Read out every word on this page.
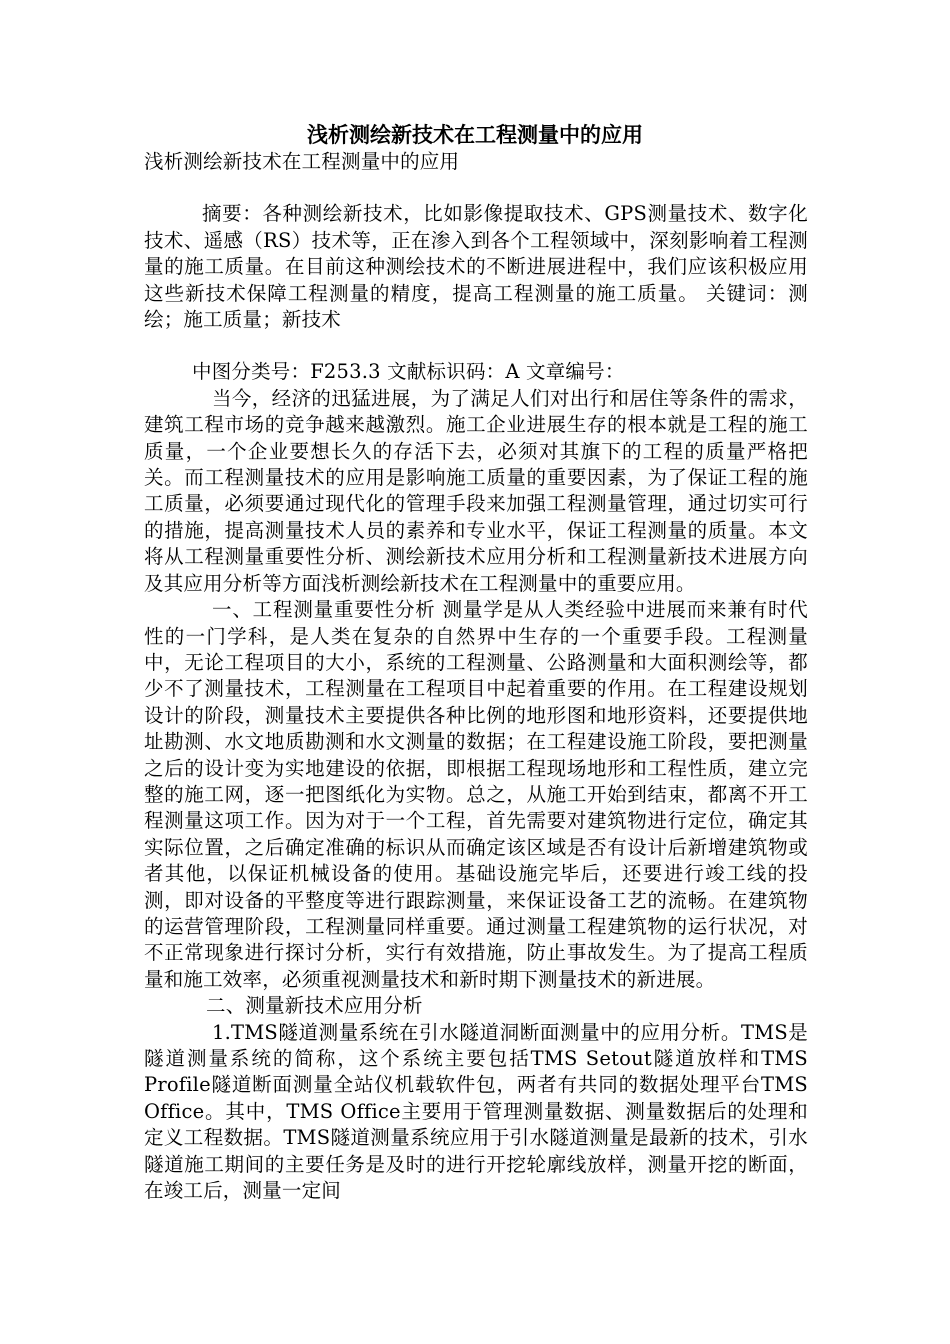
浅析测绘新技术在工程测量中的应用

浅析测绘新技术在工程测量中的应用

摘要：各种测绘新技术，比如影像提取技术、GPS测量技术、数字化技术、遥感（RS）技术等，正在渗入到各个工程领域中，深刻影响着工程测量的施工质量。在目前这种测绘技术的不断进展进程中，我们应该积极应用这些新技术保障工程测量的精度，提高工程测量的施工质量。 关键词：测绘；施工质量；新技术

中图分类号：F253.3 文献标识码：A 文章编号：

当今，经济的迅猛进展，为了满足人们对出行和居住等条件的需求，建筑工程市场的竞争越来越激烈。施工企业进展生存的根本就是工程的施工质量，一个企业要想长久的存活下去，必须对其旗下的工程的质量严格把关。而工程测量技术的应用是影响施工质量的重要因素，为了保证工程的施工质量，必须要通过现代化的管理手段来加强工程测量管理，通过切实可行的措施，提高测量技术人员的素养和专业水平，保证工程测量的质量。本文将从工程测量重要性分析、测绘新技术应用分析和工程测量新技术进展方向及其应用分析等方面浅析测绘新技术在工程测量中的重要应用。

一、工程测量重要性分析 测量学是从人类经验中进展而来兼有时代性的一门学科，是人类在复杂的自然界中生存的一个重要手段。工程测量中，无论工程项目的大小，系统的工程测量、公路测量和大面积测绘等，都少不了测量技术，工程测量在工程项目中起着重要的作用。在工程建设规划设计的阶段，测量技术主要提供各种比例的地形图和地形资料，还要提供地址勘测、水文地质勘测和水文测量的数据；在工程建设施工阶段，要把测量之后的设计变为实地建设的依据，即根据工程现场地形和工程性质，建立完整的施工网，逐一把图纸化为实物。总之，从施工开始到结束，都离不开工程测量这项工作。因为对于一个工程，首先需要对建筑物进行定位，确定其实际位置，之后确定准确的标识从而确定该区域是否有设计后新增建筑物或者其他，以保证机械设备的使用。基础设施完毕后，还要进行竣工线的投测，即对设备的平整度等进行跟踪测量，来保证设备工艺的流畅。在建筑物的运营管理阶段，工程测量同样重要。通过测量工程建筑物的运行状况，对不正常现象进行探讨分析，实行有效措施，防止事故发生。为了提高工程质量和施工效率，必须重视测量技术和新时期下测量技术的新进展。

二、测量新技术应用分析

1.TMS隧道测量系统在引水隧道洞断面测量中的应用分析。TMS是隧道测量系统的简称，这个系统主要包括TMS Setout隧道放样和TMS Profile隧道断面测量全站仪机载软件包，两者有共同的数据处理平台TMS Office。其中，TMS Office主要用于管理测量数据、测量数据后的处理和定义工程数据。TMS隧道测量系统应用于引水隧道测量是最新的技术，引水隧道施工期间的主要任务是及时的进行开挖轮廓线放样，测量开挖的断面，在竣工后，测量一定间
